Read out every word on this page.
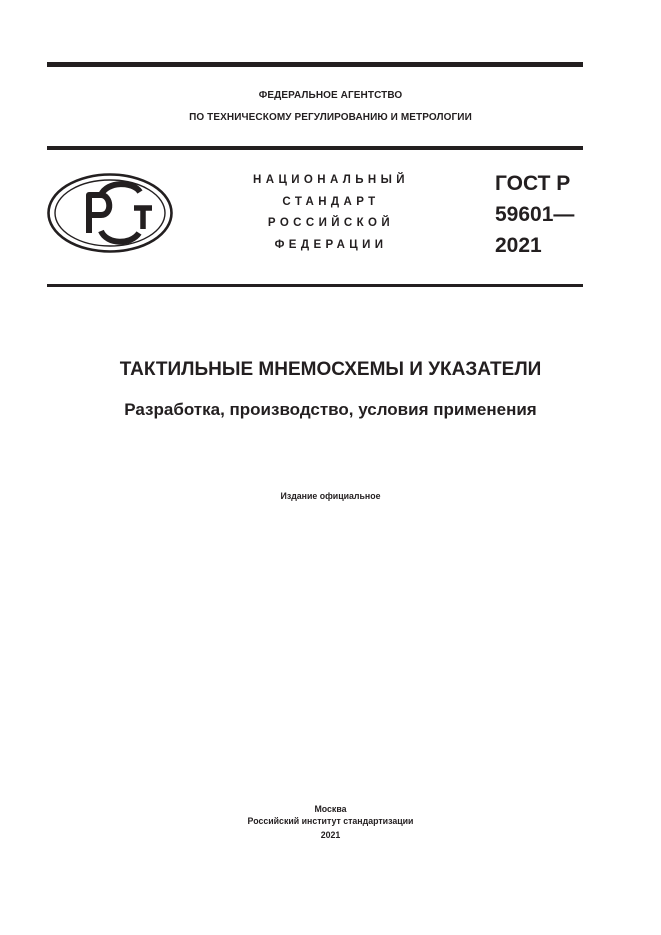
ФЕДЕРАЛЬНОЕ АГЕНТСТВО
ПО ТЕХНИЧЕСКОМУ РЕГУЛИРОВАНИЮ И МЕТРОЛОГИИ
НАЦИОНАЛЬНЫЙ
СТАНДАРТ
РОССИЙСКОЙ
ФЕДЕРАЦИИ
ГОСТ Р
59601—
2021
ТАКТИЛЬНЫЕ МНЕМОСХЕМЫ И УКАЗАТЕЛИ
Разработка, производство, условия применения
Издание официальное
Москва
Российский институт стандартизации
2021
